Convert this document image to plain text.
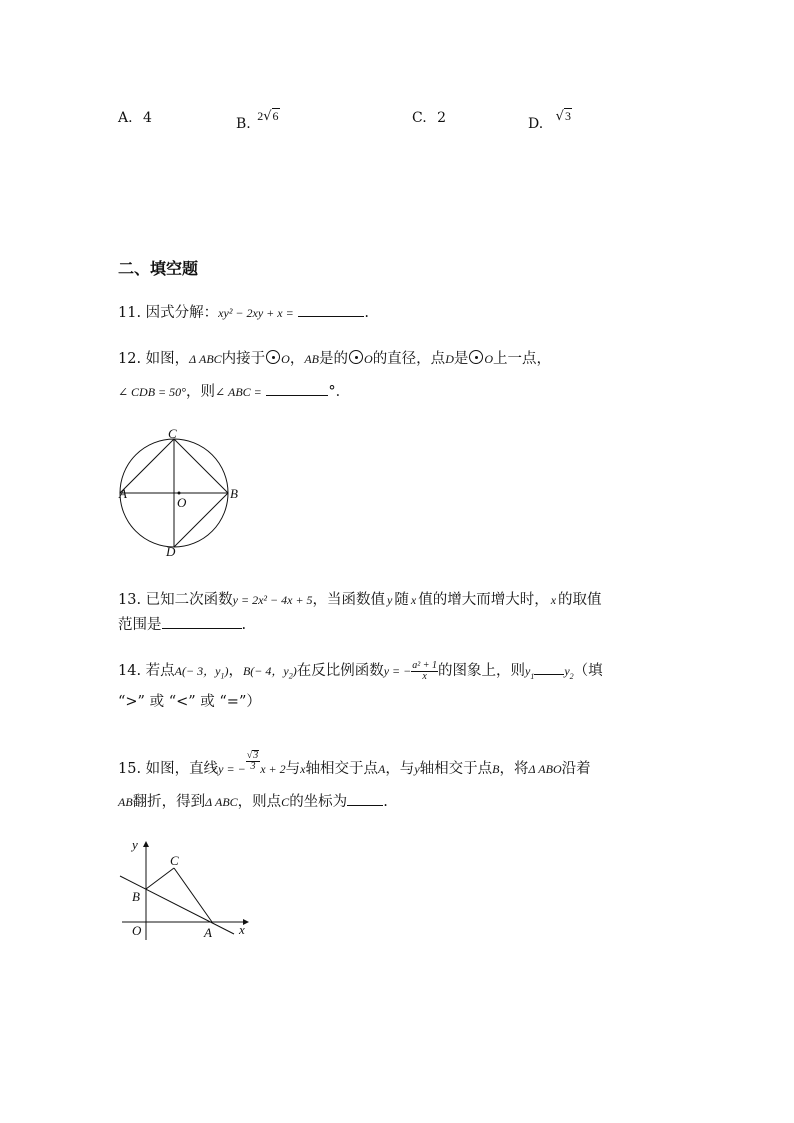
A. 4	B. 2√6	C. 2	D. √3
二、填空题
11. 因式分解：xy² − 2xy + x =	.
12. 如图，Δ ABC内接于 O，AB是的 O的直径，点D是 O上一点，
∠ CDB = 50°，则∠ ABC =	°．
C
A
O
B
D
13. 已知二次函数y = 2x² − 4x + 5，当函数值 y 随 x 值的增大而增大时， x 的取值
范围是	.
14. 若点A(− 3，$y_1$)，B(− 4，$y_2$)在反比例函数y = − $\frac{\text{a² + 1}}{x}$ 的图象上，则$y_1$	$y_2$（填
“>” 或 “<” 或 “=”）
15. 如图，直线y = − $\frac{√3}{3}$ x + 2与x轴相交于点A，与y轴相交于点B，将Δ ABO沿着
AB翻折，得到Δ ABC，则点C的坐标为 .
y
C
B
O	A x
